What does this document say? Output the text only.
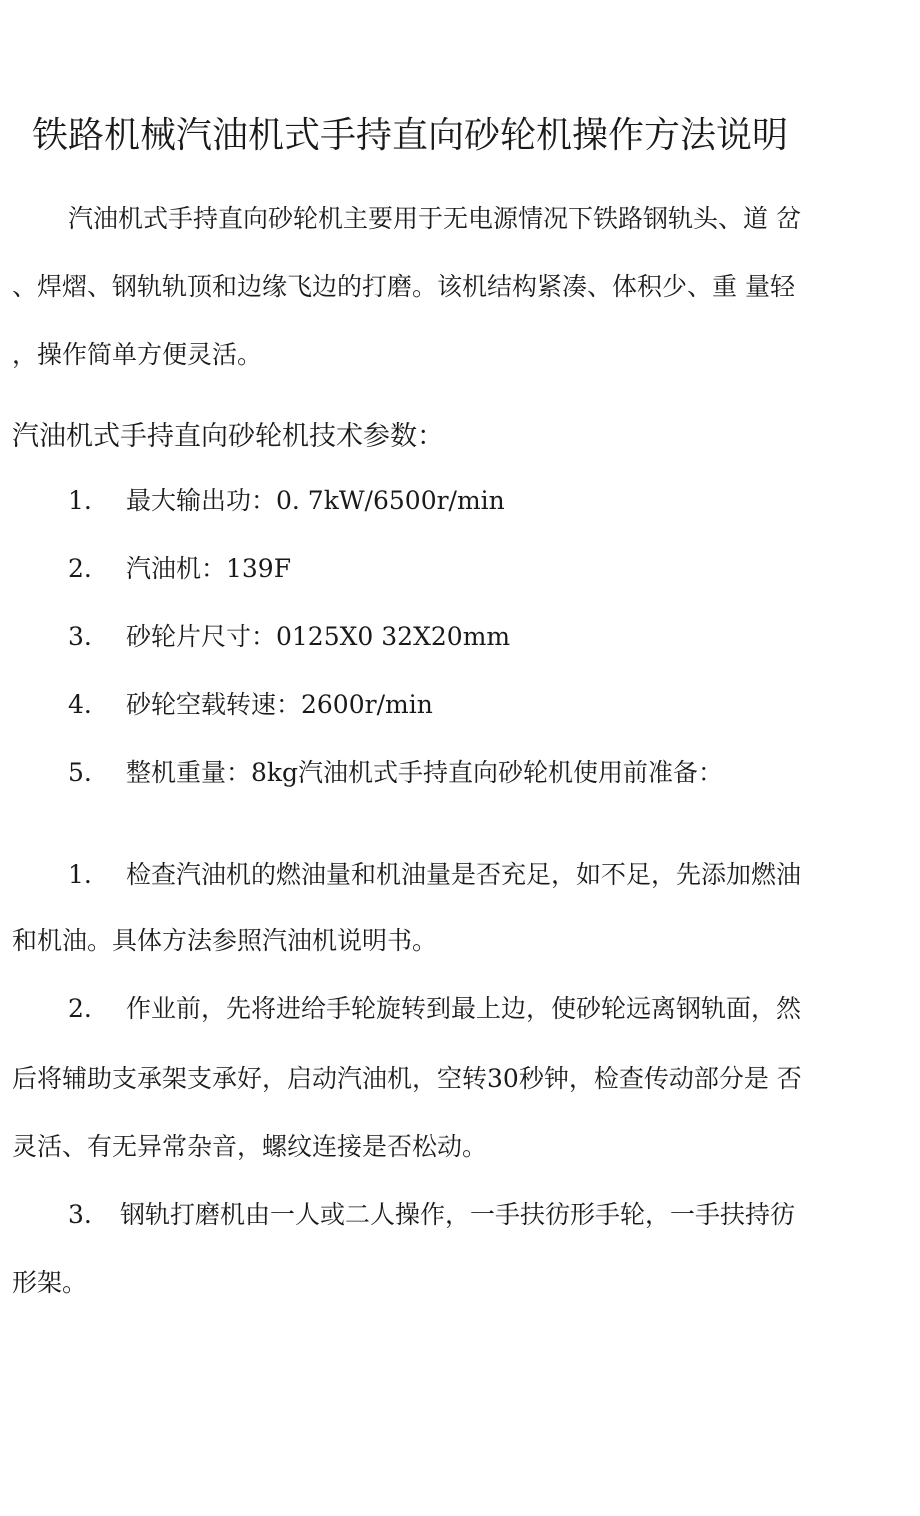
铁路机械汽油机式手持直向砂轮机操作方法说明
汽油机式手持直向砂轮机主要用于无电源情况下铁路钢轨头、道 岔
、焊熠、钢轨轨顶和边缘飞边的打磨。该机结构紧凑、体积少、重 量轻
，操作简单方便灵活。
汽油机式手持直向砂轮机技术参数：
1. 最大输出功：0. 7kW/6500r/min
2. 汽油机：139F
3. 砂轮片尺寸：0125X0 32X20mm
4. 砂轮空载转速：2600r/min
5. 整机重量：8kg汽油机式手持直向砂轮机使用前准备：
1. 检查汽油机的燃油量和机油量是否充足，如不足，先添加燃油
和机油。具体方法参照汽油机说明书。
2. 作业前，先将进给手轮旋转到最上边，使砂轮远离钢轨面，然
后将辅助支承架支承好，启动汽油机，空转30秒钟，检查传动部分是 否
灵活、有无异常杂音，螺纹连接是否松动。
3. 钢轨打磨机由一人或二人操作，一手扶彷形手轮，一手扶持彷
形架。
